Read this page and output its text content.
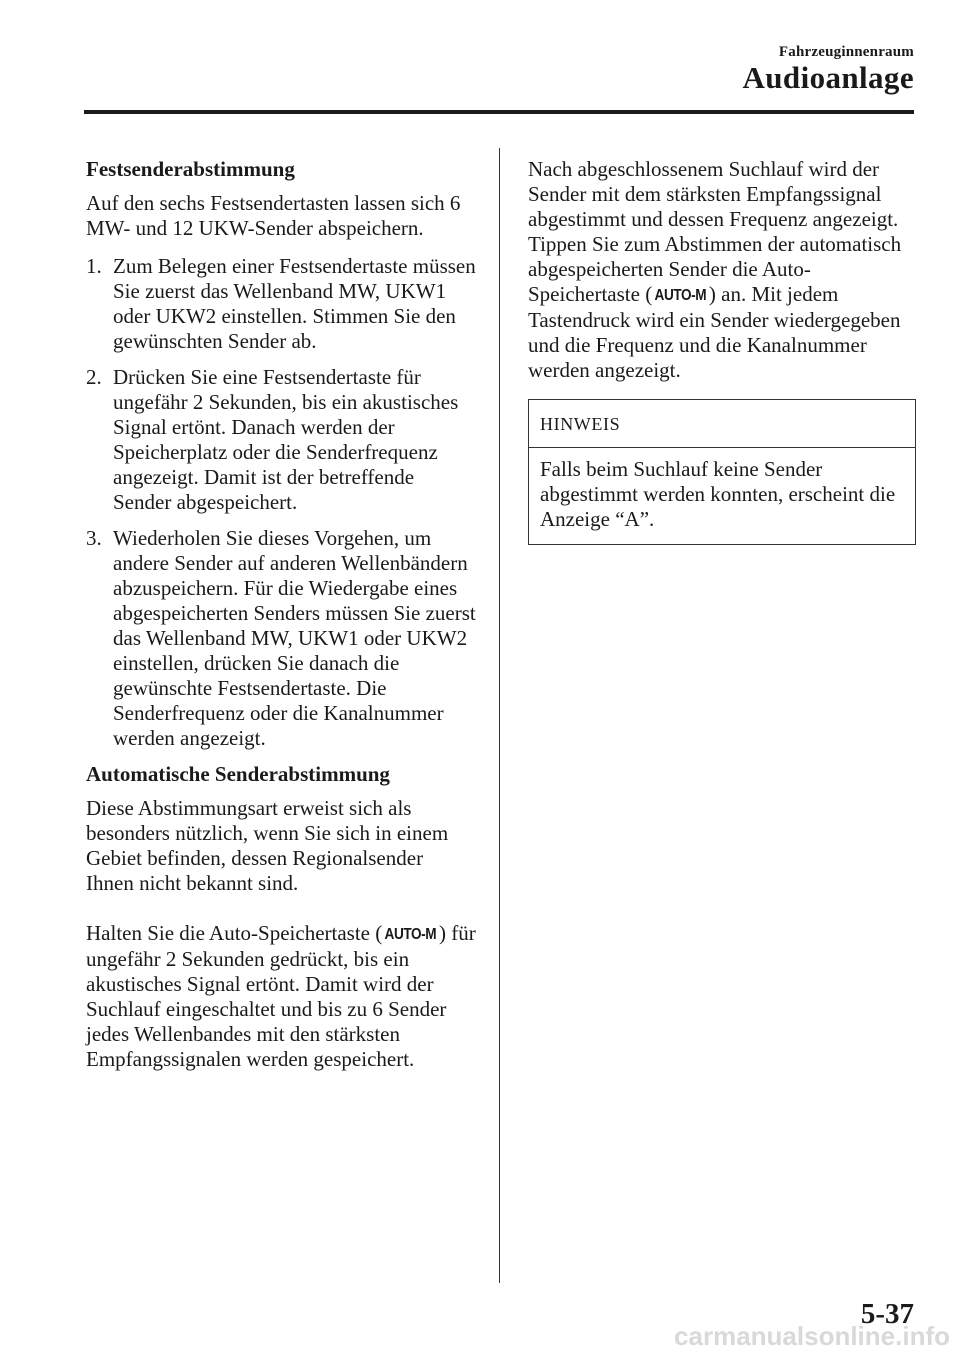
Fahrzeuginnenraum
Audioanlage
Festsenderabstimmung

Auf den sechs Festsendertasten lassen sich 6 MW- und 12 UKW-Sender abspeichern.

1. Zum Belegen einer Festsendertaste müssen Sie zuerst das Wellenband MW, UKW1 oder UKW2 einstellen. Stimmen Sie den gewünschten Sender ab.
2. Drücken Sie eine Festsendertaste für ungefähr 2 Sekunden, bis ein akustisches Signal ertönt. Danach werden der Speicherplatz oder die Senderfrequenz angezeigt. Damit ist der betreffende Sender abgespeichert.
3. Wiederholen Sie dieses Vorgehen, um andere Sender auf anderen Wellenbändern abzuspeichern. Für die Wiedergabe eines abgespeicherten Senders müssen Sie zuerst das Wellenband MW, UKW1 oder UKW2 einstellen, drücken Sie danach die gewünschte Festsendertaste. Die Senderfrequenz oder die Kanalnummer werden angezeigt.
Automatische Senderabstimmung

Diese Abstimmungsart erweist sich als besonders nützlich, wenn Sie sich in einem Gebiet befinden, dessen Regionalsender Ihnen nicht bekannt sind.

Halten Sie die Auto-Speichertaste ( AUTO-M ) für ungefähr 2 Sekunden gedrückt, bis ein akustisches Signal ertönt. Damit wird der Suchlauf eingeschaltet und bis zu 6 Sender jedes Wellenbandes mit den stärksten Empfangssignalen werden gespeichert.

Nach abgeschlossenem Suchlauf wird der Sender mit dem stärksten Empfangssignal abgestimmt und dessen Frequenz angezeigt. Tippen Sie zum Abstimmen der automatisch abgespeicherten Sender die Auto-Speichertaste ( AUTO-M ) an. Mit jedem Tastendruck wird ein Sender wiedergegeben und die Frequenz und die Kanalnummer werden angezeigt.

HINWEIS
Falls beim Suchlauf keine Sender abgestimmt werden konnten, erscheint die Anzeige “A”.
5-37
carmanualsonline.info
